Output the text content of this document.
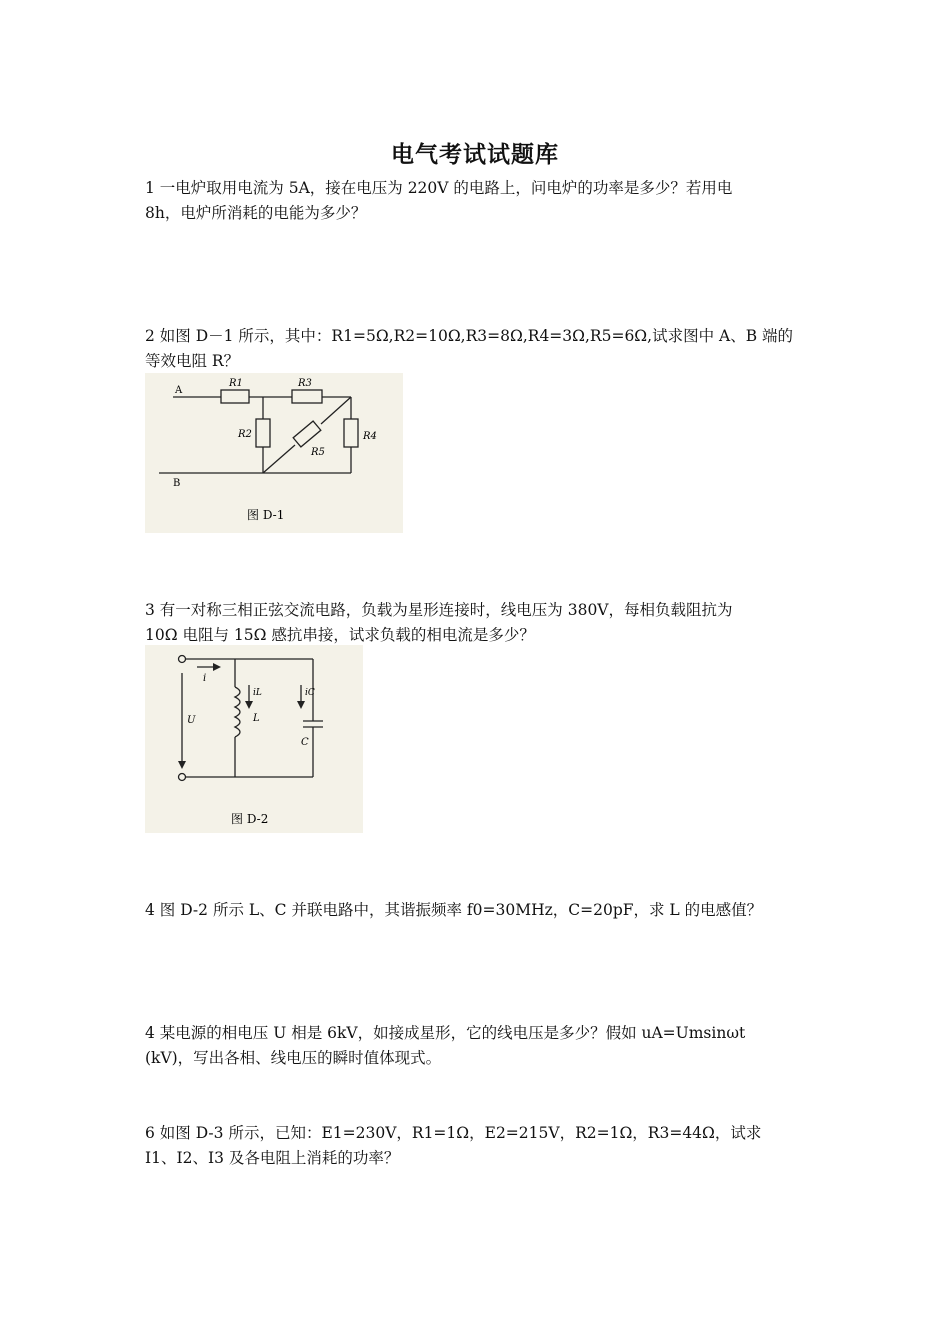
电气考试试题库
1 一电炉取用电流为 5A，接在电压为 220V 的电路上，问电炉的功率是多少？若用电
8h，电炉所消耗的电能为多少？
2 如图 D－1 所示，其中：R1=5Ω,R2=10Ω,R3=8Ω,R4=3Ω,R5=6Ω,试求图中 A、B 端的
等效电阻 R？
A
B
R1	R3
R2	R4
R5
图 D-1
3 有一对称三相正弦交流电路，负载为星形连接时，线电压为 380V，每相负载阻抗为
10Ω 电阻与 15Ω 感抗串接，试求负载的相电流是多少？
i
U
iL
L
iC
C
图 D-2
4 图 D-2 所示 L、C 并联电路中，其谐振频率 f0=30MHz，C=20pF，求 L 的电感值？
4 某电源的相电压 U 相是 6kV，如接成星形，它的线电压是多少？假如 uA=Umsinωt
(kV)，写出各相、线电压的瞬时值体现式。
6 如图 D-3 所示，已知：E1=230V，R1=1Ω，E2=215V，R2=1Ω，R3=44Ω，试求
I1、I2、I3 及各电阻上消耗的功率？
